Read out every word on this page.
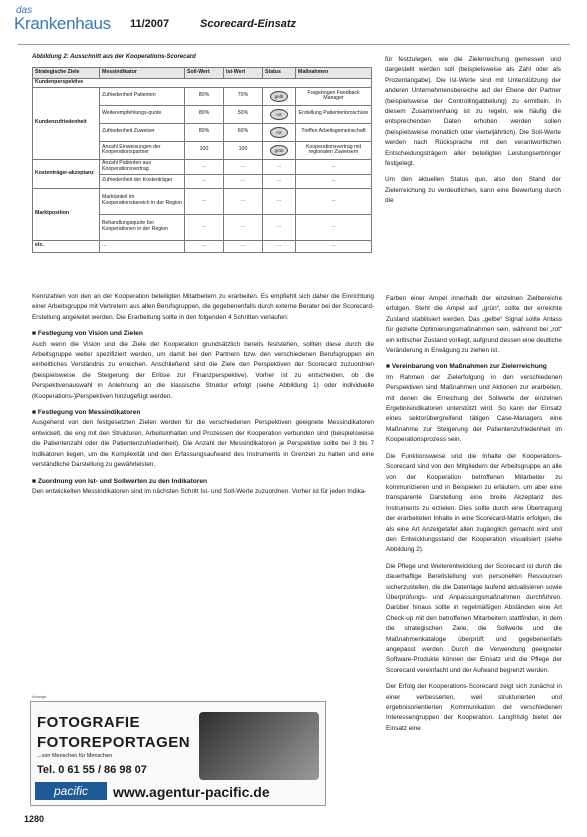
das
Krankenhaus 11/2007	Scorecard-Einsatz
Abbildung 2: Ausschnitt aus der Kooperations-Scorecard
Strategische Ziele	Messindikator	Soll-Wert	Ist-Wert	Status	Maßnahmen
Kundenperspektive					
Kundenzufriedenheit	Zufriedenheit Patienten	80%	70%	gelb	Fragebogen Feedback Manager
	Weiterempfehlungs-quote	80%	50%	rot	Erstellung Patientenbroschüre
	Zufriedenheit Zuweiser	80%	60%	rot	Treffen Arbeitsgemeinschaft
	Anzahl Einweisungen der Kooperationspartner	100	100	grün	Kooperationsvertrag mit regionalen Zuweisern
Kostenträger-akzeptanz	Anzahl Patienten aus Kooperationsvertrag	...	...	...	...
	Zufriedenheit der Kostenträger	...	...	...	...
Marktposition	Marktanteil im Kooperationsbereich in der Region	...	...	...	...
	Behandlungsquote bei Kooperationen in der Region	...	...	...	...
etc.	...	...	...	...	...

für festzulegen, wie die Zielerreichung gemessen und dargestellt werden soll (beispielsweise als Zahl oder als Prozentangabe). Die Ist-Werte sind mit Unterstützung der anderen Unternehmensbereiche auf der Ebene der Partner (beispielsweise der Controllingabteilung) zu ermitteln. In diesem Zusammenhang ist zu regeln, wie häufig die entsprechenden Daten erhoben werden sollen (beispielsweise monatlich oder vierteljährlich). Die Soll-Werte werden nach Rücksprache mit den verantwortlichen Entscheidungsträgern aller beteiligten Leistungserbringer festgelegt.

Um den aktuellen Status quo, also den Stand der Zielerreichung zu verdeutlichen, kann eine Bewertung durch die

Kennzahlen von den an der Kooperation beteiligten Mitarbeitern zu erarbeiten. Es empfiehlt sich daher die Einrichtung einer Arbeitsgruppe mit Vertretern aus allen Berufsgruppen, die gegebenenfalls durch externe Berater bei der Scorecard-Erstellung angeleitet werden. Die Erarbeitung sollte in den folgenden 4 Schritten verlaufen:

■ Festlegung von Vision und Zielen

Auch wenn die Vision und die Ziele der Kooperation grundsätzlich bereits feststehen, sollten diese durch die Arbeitsgruppe weiter spezifiziert werden, um damit bei den Partnern bzw. den verschiedenen Berufsgruppen ein einheitliches Verständnis zu erreichen. Anschließend sind die Ziele den Perspektiven der Scorecard zuzuordnen (beispielsweise die Steigerung der Erlöse zur Finanzperspektive). Vorher ist zu entscheiden, ob die Perspektivenauswahl in Anlehnung an die klassische Struktur erfolgt (siehe Abbildung 1) oder individuelle (Kooperations-)Perspektiven hinzugefügt werden.

■ Festlegung von Messindikatoren

Ausgehend von den festgesetzten Zielen werden für die verschiedenen Perspektiven geeignete Messindikatoren entwickelt, die eng mit den Strukturen, Arbeitsinhalten und Prozessen der Kooperation verbunden sind (beispielsweise die Patientenzahl oder die Patientenzufriedenheit). Die Anzahl der Messindikatoren je Perspektive sollte bei 3 bis 7 Indikatoren liegen, um die Komplexität und den Erfassungsaufwand des Instruments in Grenzen zu halten und eine verständliche Darstellung zu gewährleisten.

■ Zuordnung von Ist- und Sollwerten zu den Indikatoren

Den entwickelten Messindikatoren sind im nächsten Schritt Ist- und Soll-Werte zuzuordnen. Vorher ist für jeden Indika-

Farben einer Ampel innerhalb der einzelnen Zielbereiche erfolgen. Steht die Ampel auf „grün“, sollte der erreichte Zustand stabilisiert werden. Das „gelbe“ Signal sollte Anlass für gezielte Optimierungsmaßnahmen sein, während bei „rot“ ein kritischer Zustand vorliegt, aufgrund dessen eine deutliche Veränderung in Erwägung zu ziehen ist.

■ Vereinbarung von Maßnahmen zur Zielerreichung

Im Rahmen der Zielerfolgung in den verschiedenen Perspektiven sind Maßnahmen und Aktionen zur erarbeiten, mit denen die Erreichung der Sollwerte der einzelnen Ergebnisindikatoren unterstützt wird. So kann der Einsatz eines sektorübergreifend tätigen Case-Managers eine Maßnahme zur Steigerung der Patientenzufriedenheit im Kooperationsprozess sein.

Die Funktionsweise und die Inhalte der Kooperations-Scorecard sind von den Mitgliedern der Arbeitsgruppe an alle von der Kooperation betroffenen Mitarbeiter zu kommunizieren und in Beispielen zu erläutern, um aber eine transparente Darstellung eine breite Akzeptanz des Instruments zu erzielen. Dies sollte durch eine Übertragung der erarbeiteten Inhalte in eine Scorecard-Matrix erfolgen, die als eine Art Anzeigetafel allen zugänglich gemacht wird und den Entwicklungsstand der Kooperation visualisiert (siehe Abbildung 2).

Die Pflege und Weiterentwicklung der Scorecard ist durch die dauerhaftige Bereitstellung von personellen Ressourcen sicherzustellen, die die Datenlage laufend aktualisieren sowie Überprüfungs- und Anpassungsmaßnahmen durchführen. Darüber hinaus sollte in regelmäßigen Abständen eine Art Check-up mit den betroffenen Mitarbeitern stattfinden, in dem die strategischen Ziele, die Sollwerte und die Maßnahmenkataloge überprüft und gegebenenfalls angepasst werden. Durch die Verwendung geeigneter Software-Produkte können der Einsatz und die Pflege der Scorecard vereinfacht und der Aufwand begrenzt werden.

Der Erfolg der Kooperations-Scorecard zeigt sich zunächst in einer verbesserten, weil strukturierten und ergebnisorientierten Kommunikation der verschiedenen Interessengruppen der Kooperation. Langfristig bietet der Einsatz eine

Anzeige
FOTOGRAFIE
FOTOREPORTAGEN
...von Menschen für Menschen
Tel. 0 61 55 / 86 98 07
pacific	www.agentur-pacific.de
1280
